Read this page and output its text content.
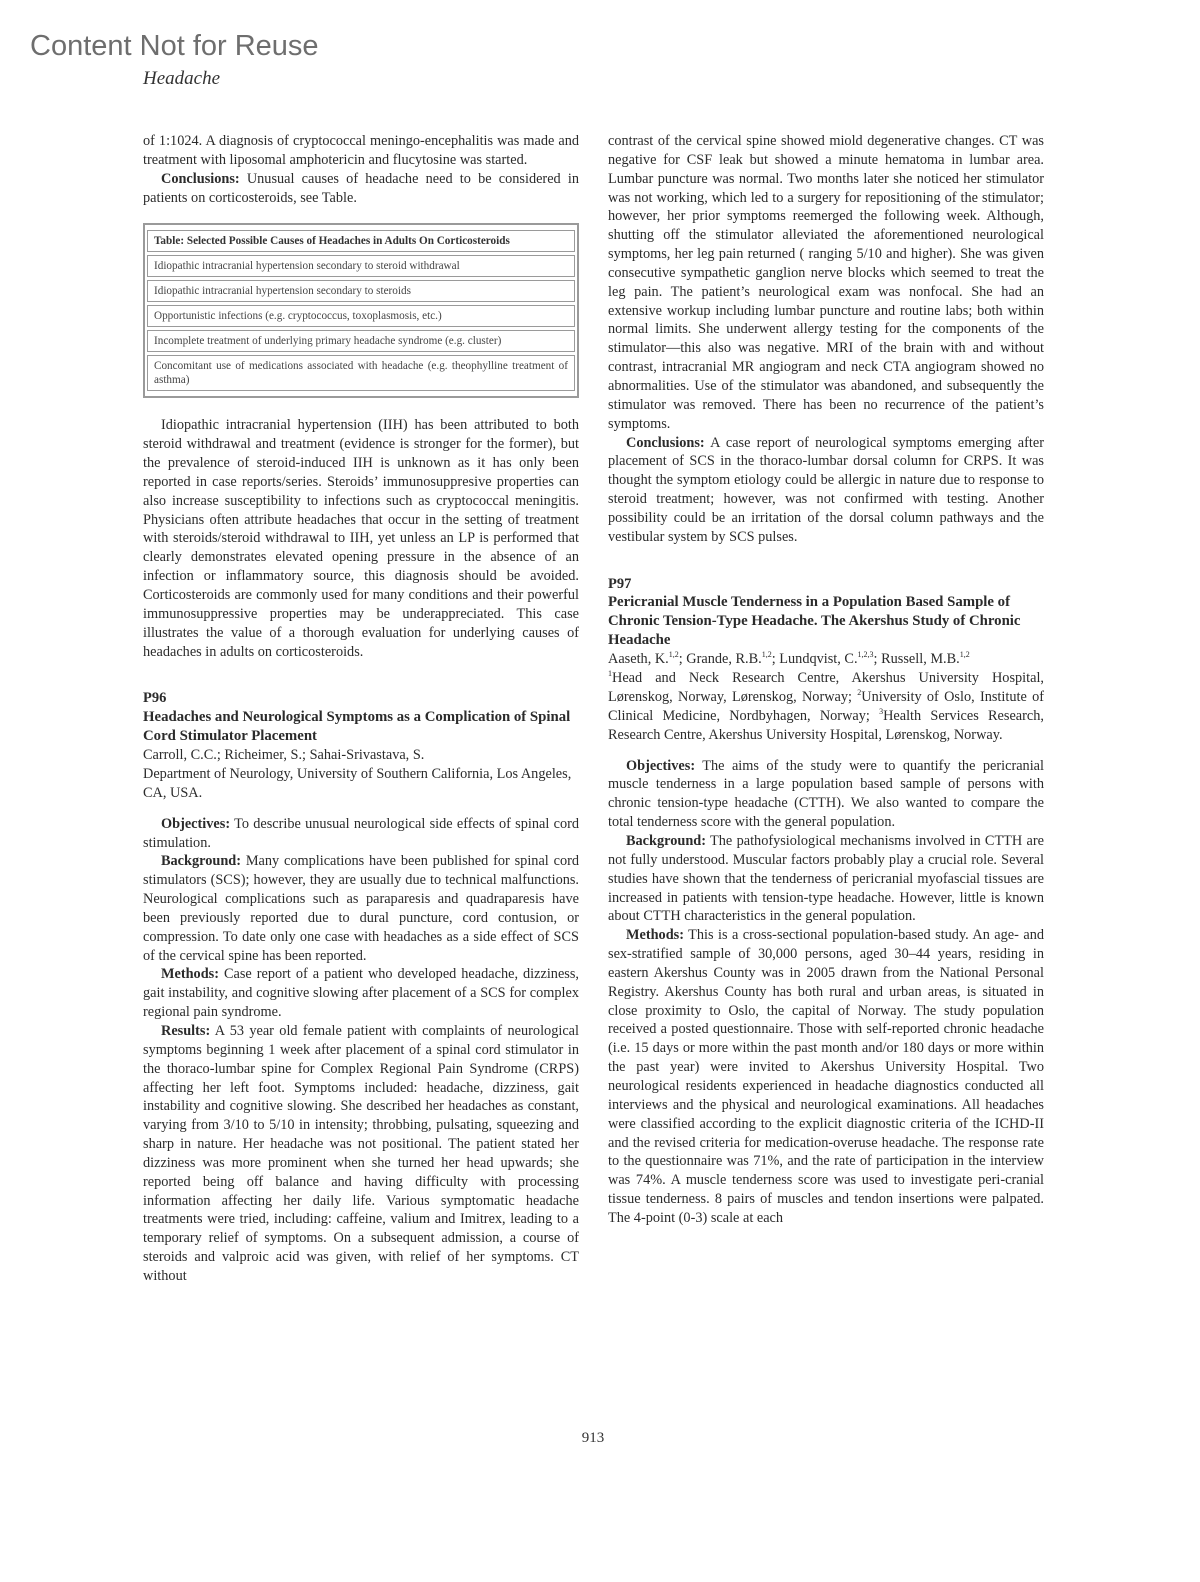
Content Not for Reuse
Headache

of 1:1024. A diagnosis of cryptococcal meningo-encephalitis was made and treatment with liposomal amphotericin and flucytosine was started.

Conclusions: Unusual causes of headache need to be considered in patients on corticosteroids, see Table.

Table: Selected Possible Causes of Headaches in Adults On Corticosteroids
Idiopathic intracranial hypertension secondary to steroid withdrawal
Idiopathic intracranial hypertension secondary to steroids
Opportunistic infections (e.g. cryptococcus, toxoplasmosis, etc.)
Incomplete treatment of underlying primary headache syndrome (e.g. cluster)
Concomitant use of medications associated with headache (e.g. theophylline treatment of asthma)

Idiopathic intracranial hypertension (IIH) has been attributed to both steroid withdrawal and treatment (evidence is stronger for the former), but the prevalence of steroid-induced IIH is unknown as it has only been reported in case reports/series. Steroids’ immunosuppresive properties can also increase susceptibility to infections such as cryptococcal meningitis. Physicians often attribute headaches that occur in the setting of treatment with steroids/steroid withdrawal to IIH, yet unless an LP is performed that clearly demonstrates elevated opening pressure in the absence of an infection or inflammatory source, this diagnosis should be avoided. Corticosteroids are commonly used for many conditions and their powerful immunosuppressive properties may be underappreciated. This case illustrates the value of a thorough evaluation for underlying causes of headaches in adults on corticosteroids.

P96

Headaches and Neurological Symptoms as a Complication of Spinal Cord Stimulator Placement

Carroll, C.C.; Richeimer, S.; Sahai-Srivastava, S.

Department of Neurology, University of Southern California, Los Angeles, CA, USA.

Objectives: To describe unusual neurological side effects of spinal cord stimulation.

Background: Many complications have been published for spinal cord stimulators (SCS); however, they are usually due to technical malfunctions. Neurological complications such as paraparesis and quadraparesis have been previously reported due to dural puncture, cord contusion, or compression. To date only one case with headaches as a side effect of SCS of the cervical spine has been reported.

Methods: Case report of a patient who developed headache, dizziness, gait instability, and cognitive slowing after placement of a SCS for complex regional pain syndrome.

Results: A 53 year old female patient with complaints of neurological symptoms beginning 1 week after placement of a spinal cord stimulator in the thoraco-lumbar spine for Complex Regional Pain Syndrome (CRPS) affecting her left foot. Symptoms included: headache, dizziness, gait instability and cognitive slowing. She described her headaches as constant, varying from 3/10 to 5/10 in intensity; throbbing, pulsating, squeezing and sharp in nature. Her headache was not positional. The patient stated her dizziness was more prominent when she turned her head upwards; she reported being off balance and having difficulty with processing information affecting her daily life. Various symptomatic headache treatments were tried, including: caffeine, valium and Imitrex, leading to a temporary relief of symptoms. On a subsequent admission, a course of steroids and valproic acid was given, with relief of her symptoms. CT without

contrast of the cervical spine showed miold degenerative changes. CT was negative for CSF leak but showed a minute hematoma in lumbar area. Lumbar puncture was normal. Two months later she noticed her stimulator was not working, which led to a surgery for repositioning of the stimulator; however, her prior symptoms reemerged the following week. Although, shutting off the stimulator alleviated the aforementioned neurological symptoms, her leg pain returned ( ranging 5/10 and higher). She was given consecutive sympathetic ganglion nerve blocks which seemed to treat the leg pain. The patient’s neurological exam was nonfocal. She had an extensive workup including lumbar puncture and routine labs; both within normal limits. She underwent allergy testing for the components of the stimulator—this also was negative. MRI of the brain with and without contrast, intracranial MR angiogram and neck CTA angiogram showed no abnormalities. Use of the stimulator was abandoned, and subsequently the stimulator was removed. There has been no recurrence of the patient’s symptoms.

Conclusions: A case report of neurological symptoms emerging after placement of SCS in the thoraco-lumbar dorsal column for CRPS. It was thought the symptom etiology could be allergic in nature due to response to steroid treatment; however, was not confirmed with testing. Another possibility could be an irritation of the dorsal column pathways and the vestibular system by SCS pulses.

P97

Pericranial Muscle Tenderness in a Population Based Sample of Chronic Tension-Type Headache. The Akershus Study of Chronic Headache

Aaseth, K.$^{1,2}$; Grande, R.B.$^{1,2}$; Lundqvist, C.$^{1,2,3}$; Russell, M.B.$^{1,2}$

$^1$Head and Neck Research Centre, Akershus University Hospital, Lørenskog, Norway, Lørenskog, Norway; $^2$University of Oslo, Institute of Clinical Medicine, Nordbyhagen, Norway; $^3$Health Services Research, Research Centre, Akershus University Hospital, Lørenskog, Norway.

Objectives: The aims of the study were to quantify the pericranial muscle tenderness in a large population based sample of persons with chronic tension-type headache (CTTH). We also wanted to compare the total tenderness score with the general population.

Background: The pathofysiological mechanisms involved in CTTH are not fully understood. Muscular factors probably play a crucial role. Several studies have shown that the tenderness of pericranial myofascial tissues are increased in patients with tension-type headache. However, little is known about CTTH characteristics in the general population.

Methods: This is a cross-sectional population-based study. An age- and sex-stratified sample of 30,000 persons, aged 30–44 years, residing in eastern Akershus County was in 2005 drawn from the National Personal Registry. Akershus County has both rural and urban areas, is situated in close proximity to Oslo, the capital of Norway. The study population received a posted questionnaire. Those with self-reported chronic headache (i.e. 15 days or more within the past month and/or 180 days or more within the past year) were invited to Akershus University Hospital. Two neurological residents experienced in headache diagnostics conducted all interviews and the physical and neurological examinations. All headaches were classified according to the explicit diagnostic criteria of the ICHD-II and the revised criteria for medication-overuse headache. The response rate to the questionnaire was 71%, and the rate of participation in the interview was 74%. A muscle tenderness score was used to investigate peri-cranial tissue tenderness. 8 pairs of muscles and tendon insertions were palpated. The 4-point (0-3) scale at each

913
